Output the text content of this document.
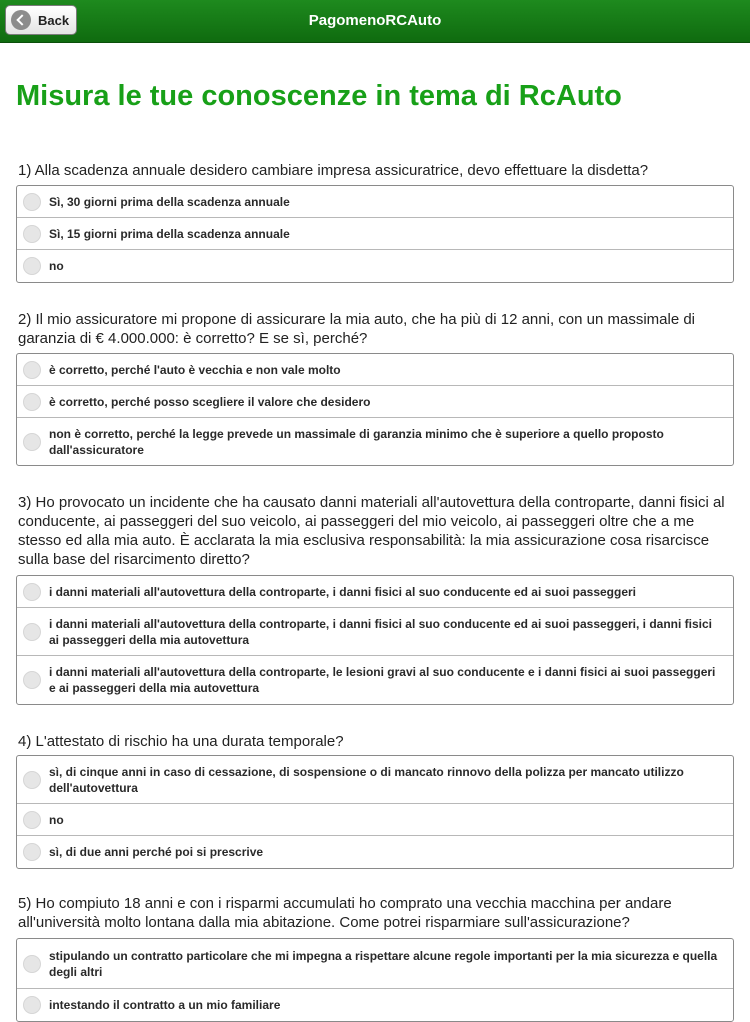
Back	PagomenoRCAuto
Misura le tue conoscenze in tema di RcAuto
1) Alla scadenza annuale desidero cambiare impresa assicuratrice, devo effettuare la disdetta?
Sì, 30 giorni prima della scadenza annuale
Sì, 15 giorni prima della scadenza annuale
no
2) Il mio assicuratore mi propone di assicurare la mia auto, che ha più di 12 anni, con un massimale di garanzia di € 4.000.000: è corretto? E se sì, perché?
è corretto, perché l'auto è vecchia e non vale molto
è corretto, perché posso scegliere il valore che desidero
non è corretto, perché la legge prevede un massimale di garanzia minimo che è superiore a quello proposto dall'assicuratore
3) Ho provocato un incidente che ha causato danni materiali all'autovettura della controparte, danni fisici al conducente, ai passeggeri del suo veicolo, ai passeggeri del mio veicolo, ai passeggeri oltre che a me stesso ed alla mia auto. È acclarata la mia esclusiva responsabilità: la mia assicurazione cosa risarcisce sulla base del risarcimento diretto?
i danni materiali all'autovettura della controparte, i danni fisici al suo conducente ed ai suoi passeggeri
i danni materiali all'autovettura della controparte, i danni fisici al suo conducente ed ai suoi passeggeri, i danni fisici ai passeggeri della mia autovettura
i danni materiali all'autovettura della controparte, le lesioni gravi al suo conducente e i danni fisici ai suoi passeggeri e ai passeggeri della mia autovettura
4) L'attestato di rischio ha una durata temporale?
sì, di cinque anni in caso di cessazione, di sospensione o di mancato rinnovo della polizza per mancato utilizzo dell'autovettura
no
sì, di due anni perché poi si prescrive
5) Ho compiuto 18 anni e con i risparmi accumulati ho comprato una vecchia macchina per andare all'università molto lontana dalla mia abitazione. Come potrei risparmiare sull'assicurazione?
stipulando un contratto particolare che mi impegna a rispettare alcune regole importanti per la mia sicurezza e quella degli altri
intestando il contratto a un mio familiare
